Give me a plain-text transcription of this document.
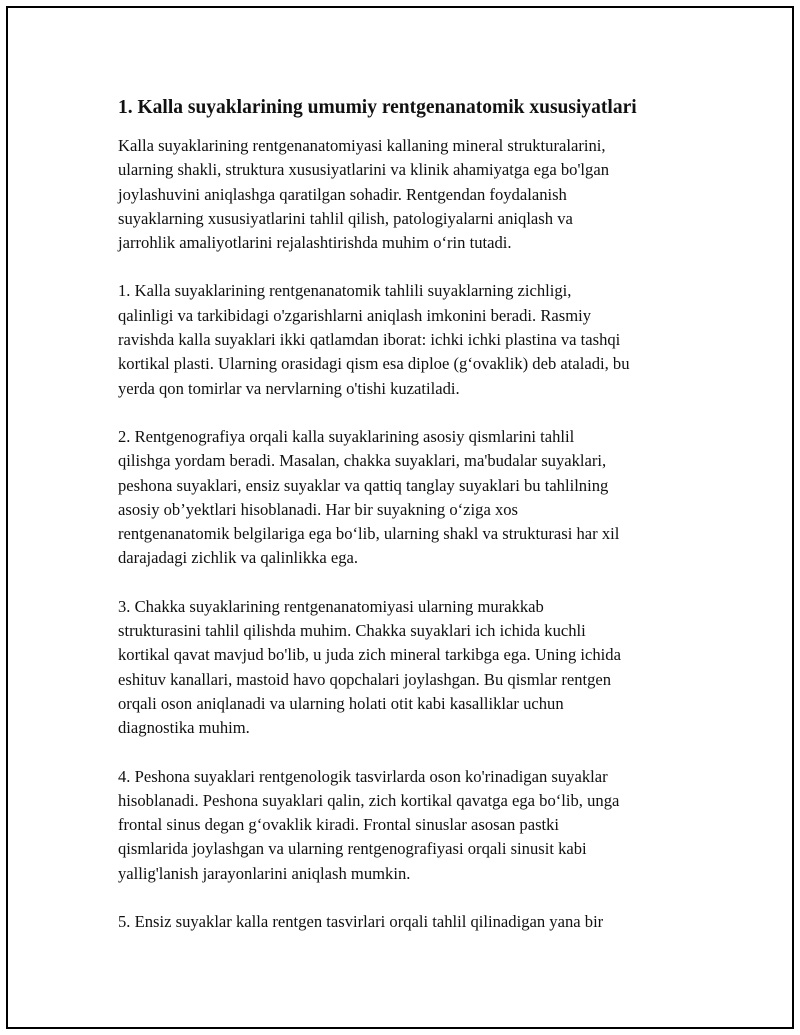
1. Kalla suyaklarining umumiy rentgenanatomik xususiyatlari

Kalla suyaklarining rentgenanatomiyasi kallaning mineral strukturalarini,
ularning shakli, struktura xususiyatlarini va klinik ahamiyatga ega bo'lgan
joylashuvini aniqlashga qaratilgan sohadir. Rentgendan foydalanish
suyaklarning xususiyatlarini tahlil qilish, patologiyalarni aniqlash va
jarrohlik amaliyotlarini rejalashtirishda muhim o‘rin tutadi.

1. Kalla suyaklarining rentgenanatomik tahlili suyaklarning zichligi,
qalinligi va tarkibidagi o'zgarishlarni aniqlash imkonini beradi. Rasmiy
ravishda kalla suyaklari ikki qatlamdan iborat: ichki ichki plastina va tashqi
kortikal plasti. Ularning orasidagi qism esa diploe (g‘ovaklik) deb ataladi, bu
yerda qon tomirlar va nervlarning o'tishi kuzatiladi.

2. Rentgenografiya orqali kalla suyaklarining asosiy qismlarini tahlil
qilishga yordam beradi. Masalan, chakka suyaklari, ma'budalar suyaklari,
peshona suyaklari, ensiz suyaklar va qattiq tanglay suyaklari bu tahlilning
asosiy ob’yektlari hisoblanadi. Har bir suyakning o‘ziga xos
rentgenanatomik belgilariga ega bo‘lib, ularning shakl va strukturasi har xil
darajadagi zichlik va qalinlikka ega.

3. Chakka suyaklarining rentgenanatomiyasi ularning murakkab
strukturasini tahlil qilishda muhim. Chakka suyaklari ich ichida kuchli
kortikal qavat mavjud bo'lib, u juda zich mineral tarkibga ega. Uning ichida
eshituv kanallari, mastoid havo qopchalari joylashgan. Bu qismlar rentgen
orqali oson aniqlanadi va ularning holati otit kabi kasalliklar uchun
diagnostika muhim.

4. Peshona suyaklari rentgenologik tasvirlarda oson ko'rinadigan suyaklar
hisoblanadi. Peshona suyaklari qalin, zich kortikal qavatga ega bo‘lib, unga
frontal sinus degan g‘ovaklik kiradi. Frontal sinuslar asosan pastki
qismlarida joylashgan va ularning rentgenografiyasi orqali sinusit kabi
yallig'lanish jarayonlarini aniqlash mumkin.

5. Ensiz suyaklar kalla rentgen tasvirlari orqali tahlil qilinadigan yana bir
